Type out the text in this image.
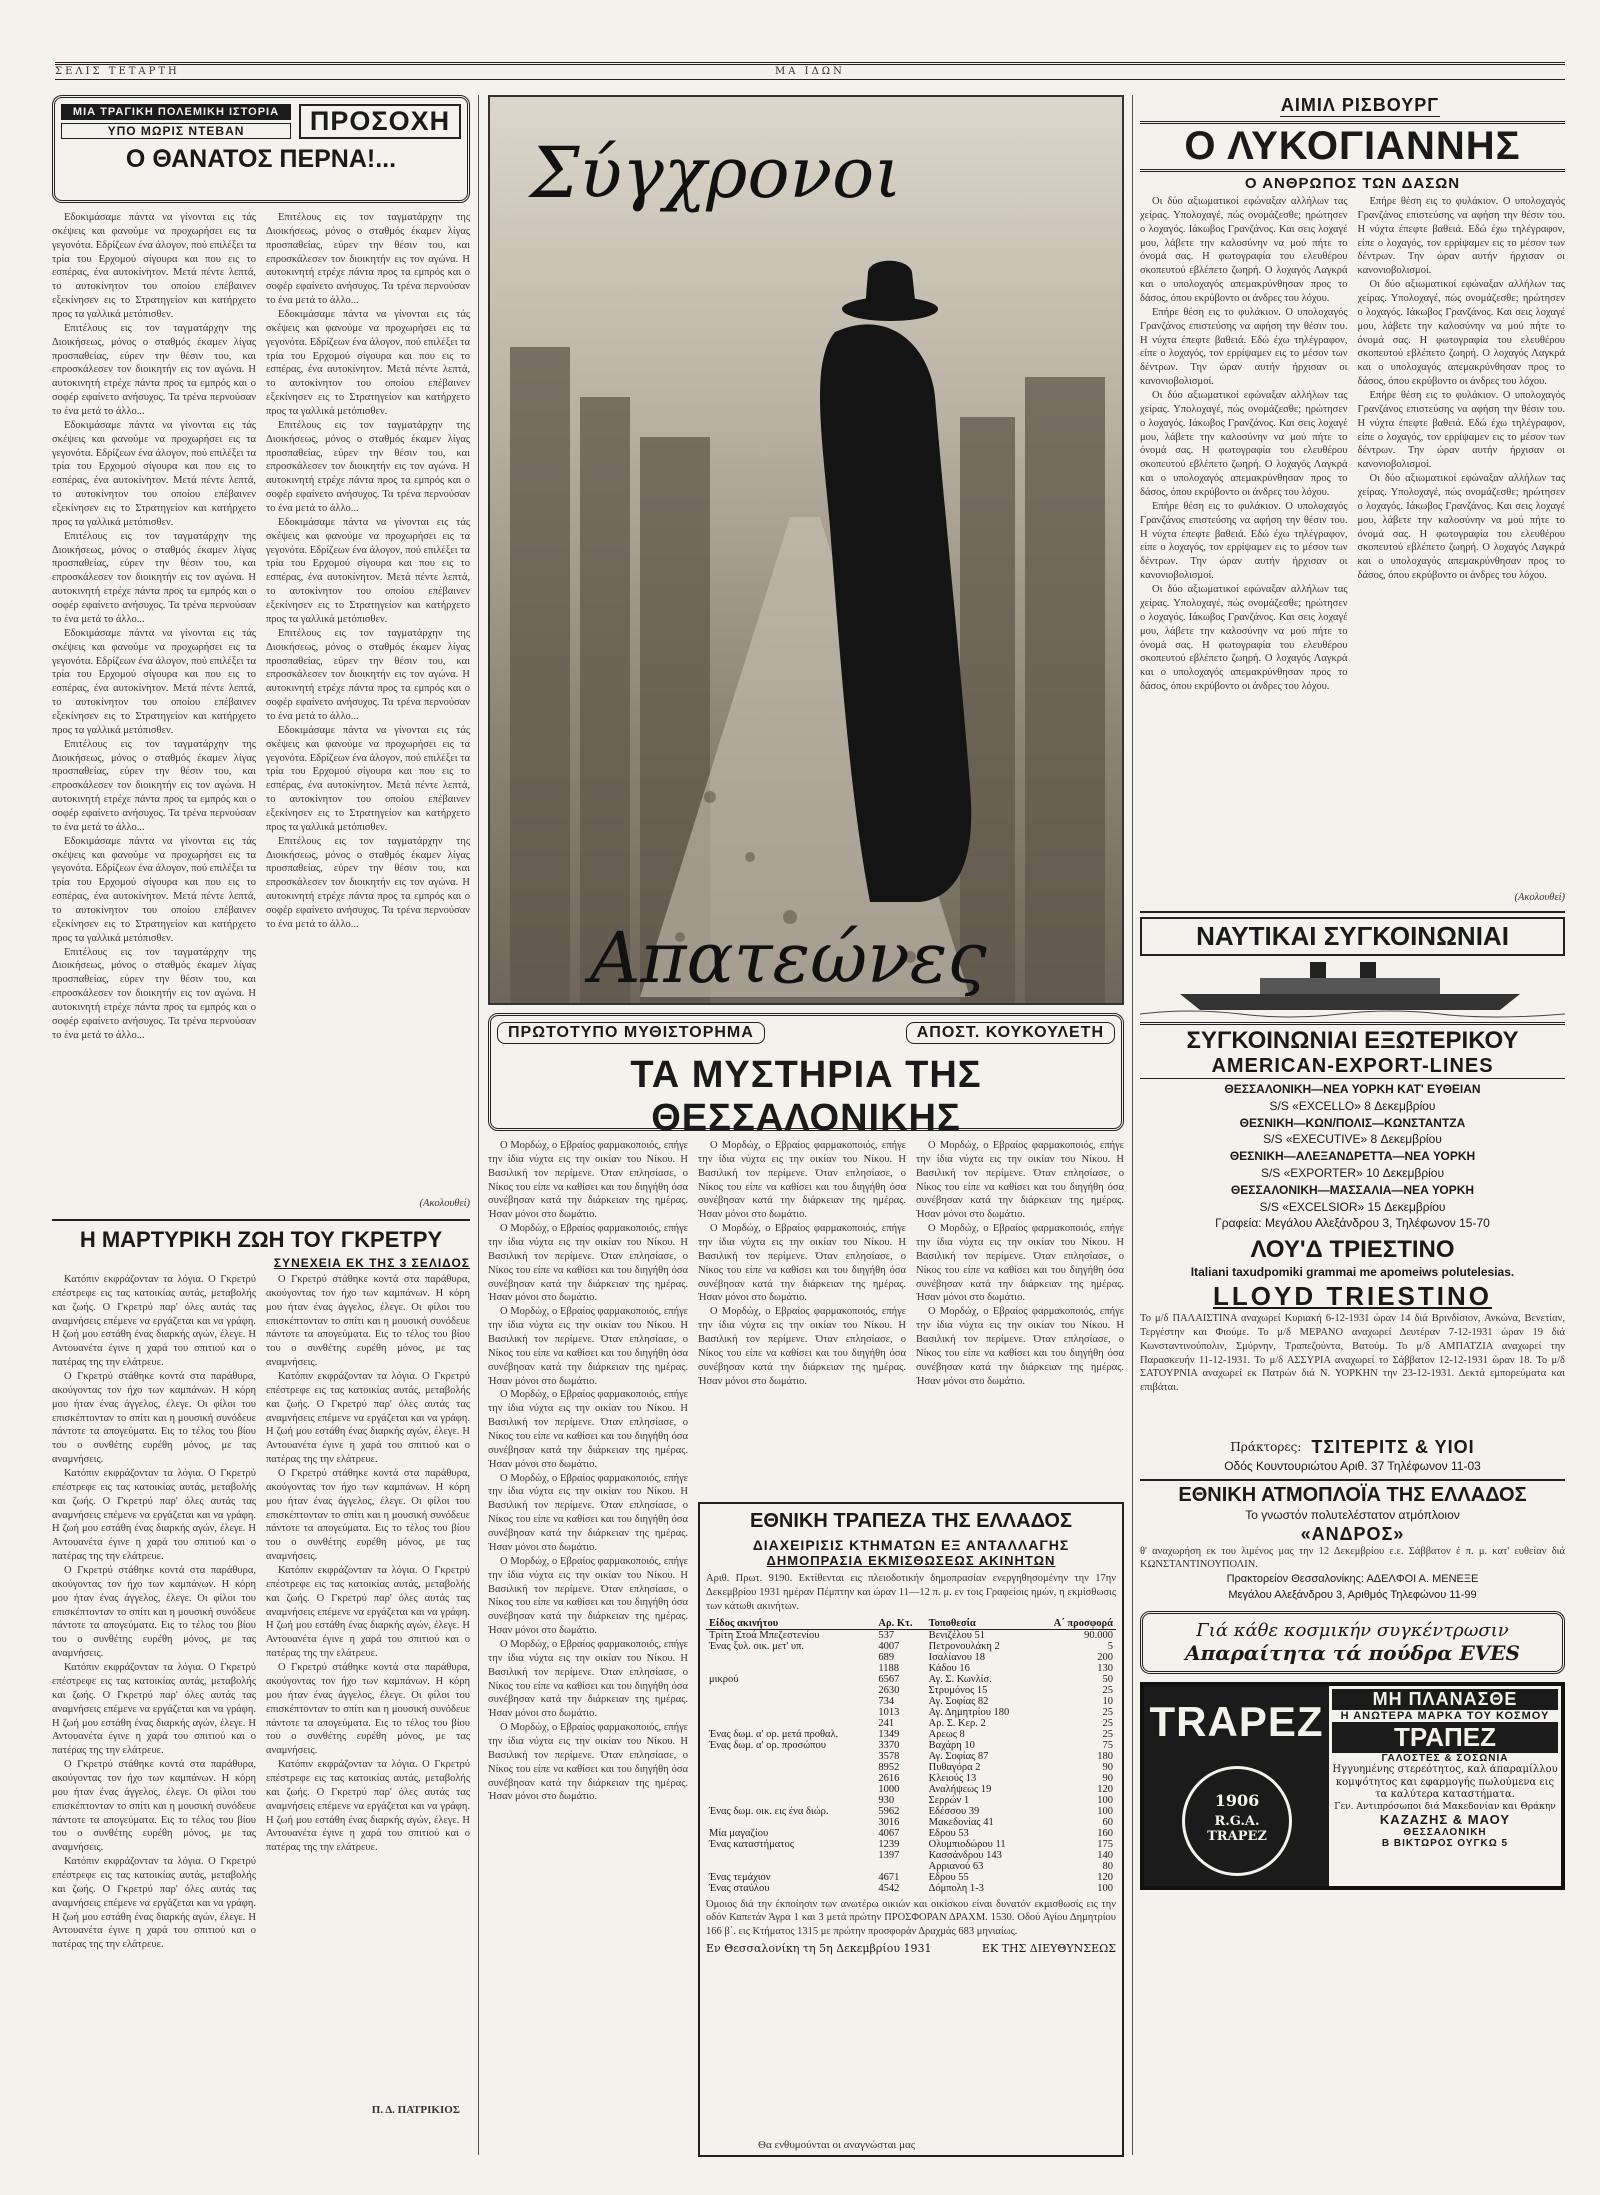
ΣΕΛΙΣ ΤΕΤΑΡΤΗ	ΜΑ ΙΔΩΝ
ΜΙΑ ΤΡΑΓΙΚΗ ΠΟΛΕΜΙΚΗ ΙΣΤΟΡΙΑ
ΥΠΟ ΜΩΡΙΣ ΝΤΕΒΑΝ	ΠΡΟΣΟΧΗ
Ο ΘΑΝΑΤΟΣ ΠΕΡΝΑ!...

Εδοκιμάσαμε πάντα να γίνονται εις τάς σκέψεις και φανούμε να προχωρήσει εις τα γεγονότα. Εδρίζεων ένα άλογον, πού επιλέξει τα τρία του Ερχομού σίγουρα και που εις το εσπέρας, ένα αυτοκίνητον. Μετά πέντε λεπτά, το αυτοκίνητον του οποίου επέβαινεν εξεκίνησεν εις το Στρατηγείον και κατήρχετο προς τα γαλλικά μετόπισθεν.

Επιτέλους εις τον ταγματάρχην της Διοικήσεως, μόνος ο σταθμός έκαμεν λίγας προσπαθείας, εύρεν την θέσιν του, και επροσκάλεσεν τον διοικητήν εις τον αγώνα. Η αυτοκινητή ετρέχε πάντα προς τα εμπρός και ο σοφέρ εφαίνετο ανήσυχος. Τα τρένα περνούσαν το ένα μετά το άλλο...

Εδοκιμάσαμε πάντα να γίνονται εις τάς σκέψεις και φανούμε να προχωρήσει εις τα γεγονότα. Εδρίζεων ένα άλογον, πού επιλέξει τα τρία του Ερχομού σίγουρα και που εις το εσπέρας, ένα αυτοκίνητον. Μετά πέντε λεπτά, το αυτοκίνητον του οποίου επέβαινεν εξεκίνησεν εις το Στρατηγείον και κατήρχετο προς τα γαλλικά μετόπισθεν.

Επιτέλους εις τον ταγματάρχην της Διοικήσεως, μόνος ο σταθμός έκαμεν λίγας προσπαθείας, εύρεν την θέσιν του, και επροσκάλεσεν τον διοικητήν εις τον αγώνα. Η αυτοκινητή ετρέχε πάντα προς τα εμπρός και ο σοφέρ εφαίνετο ανήσυχος. Τα τρένα περνούσαν το ένα μετά το άλλο...

Εδοκιμάσαμε πάντα να γίνονται εις τάς σκέψεις και φανούμε να προχωρήσει εις τα γεγονότα. Εδρίζεων ένα άλογον, πού επιλέξει τα τρία του Ερχομού σίγουρα και που εις το εσπέρας, ένα αυτοκίνητον. Μετά πέντε λεπτά, το αυτοκίνητον του οποίου επέβαινεν εξεκίνησεν εις το Στρατηγείον και κατήρχετο προς τα γαλλικά μετόπισθεν.

Επιτέλους εις τον ταγματάρχην της Διοικήσεως, μόνος ο σταθμός έκαμεν λίγας προσπαθείας, εύρεν την θέσιν του, και επροσκάλεσεν τον διοικητήν εις τον αγώνα. Η αυτοκινητή ετρέχε πάντα προς τα εμπρός και ο σοφέρ εφαίνετο ανήσυχος. Τα τρένα περνούσαν το ένα μετά το άλλο...

Εδοκιμάσαμε πάντα να γίνονται εις τάς σκέψεις και φανούμε να προχωρήσει εις τα γεγονότα. Εδρίζεων ένα άλογον, πού επιλέξει τα τρία του Ερχομού σίγουρα και που εις το εσπέρας, ένα αυτοκίνητον. Μετά πέντε λεπτά, το αυτοκίνητον του οποίου επέβαινεν εξεκίνησεν εις το Στρατηγείον και κατήρχετο προς τα γαλλικά μετόπισθεν.

Επιτέλους εις τον ταγματάρχην της Διοικήσεως, μόνος ο σταθμός έκαμεν λίγας προσπαθείας, εύρεν την θέσιν του, και επροσκάλεσεν τον διοικητήν εις τον αγώνα. Η αυτοκινητή ετρέχε πάντα προς τα εμπρός και ο σοφέρ εφαίνετο ανήσυχος. Τα τρένα περνούσαν το ένα μετά το άλλο...

Επιτέλους εις τον ταγματάρχην της Διοικήσεως, μόνος ο σταθμός έκαμεν λίγας προσπαθείας, εύρεν την θέσιν του, και επροσκάλεσεν τον διοικητήν εις τον αγώνα. Η αυτοκινητή ετρέχε πάντα προς τα εμπρός και ο σοφέρ εφαίνετο ανήσυχος. Τα τρένα περνούσαν το ένα μετά το άλλο...

Εδοκιμάσαμε πάντα να γίνονται εις τάς σκέψεις και φανούμε να προχωρήσει εις τα γεγονότα. Εδρίζεων ένα άλογον, πού επιλέξει τα τρία του Ερχομού σίγουρα και που εις το εσπέρας, ένα αυτοκίνητον. Μετά πέντε λεπτά, το αυτοκίνητον του οποίου επέβαινεν εξεκίνησεν εις το Στρατηγείον και κατήρχετο προς τα γαλλικά μετόπισθεν.

Επιτέλους εις τον ταγματάρχην της Διοικήσεως, μόνος ο σταθμός έκαμεν λίγας προσπαθείας, εύρεν την θέσιν του, και επροσκάλεσεν τον διοικητήν εις τον αγώνα. Η αυτοκινητή ετρέχε πάντα προς τα εμπρός και ο σοφέρ εφαίνετο ανήσυχος. Τα τρένα περνούσαν το ένα μετά το άλλο...

Εδοκιμάσαμε πάντα να γίνονται εις τάς σκέψεις και φανούμε να προχωρήσει εις τα γεγονότα. Εδρίζεων ένα άλογον, πού επιλέξει τα τρία του Ερχομού σίγουρα και που εις το εσπέρας, ένα αυτοκίνητον. Μετά πέντε λεπτά, το αυτοκίνητον του οποίου επέβαινεν εξεκίνησεν εις το Στρατηγείον και κατήρχετο προς τα γαλλικά μετόπισθεν.

Επιτέλους εις τον ταγματάρχην της Διοικήσεως, μόνος ο σταθμός έκαμεν λίγας προσπαθείας, εύρεν την θέσιν του, και επροσκάλεσεν τον διοικητήν εις τον αγώνα. Η αυτοκινητή ετρέχε πάντα προς τα εμπρός και ο σοφέρ εφαίνετο ανήσυχος. Τα τρένα περνούσαν το ένα μετά το άλλο...

Εδοκιμάσαμε πάντα να γίνονται εις τάς σκέψεις και φανούμε να προχωρήσει εις τα γεγονότα. Εδρίζεων ένα άλογον, πού επιλέξει τα τρία του Ερχομού σίγουρα και που εις το εσπέρας, ένα αυτοκίνητον. Μετά πέντε λεπτά, το αυτοκίνητον του οποίου επέβαινεν εξεκίνησεν εις το Στρατηγείον και κατήρχετο προς τα γαλλικά μετόπισθεν.

Επιτέλους εις τον ταγματάρχην της Διοικήσεως, μόνος ο σταθμός έκαμεν λίγας προσπαθείας, εύρεν την θέσιν του, και επροσκάλεσεν τον διοικητήν εις τον αγώνα. Η αυτοκινητή ετρέχε πάντα προς τα εμπρός και ο σοφέρ εφαίνετο ανήσυχος. Τα τρένα περνούσαν το ένα μετά το άλλο...

(Ακολουθεί)
Η ΜΑΡΤΥΡΙΚΗ ΖΩΗ ΤΟΥ ΓΚΡΕΤΡΥ
ΣΥΝΕΧΕΙΑ ΕΚ ΤΗΣ 3 ΣΕΛΙΔΟΣ

Κατόπιν εκφράζονταν τα λόγια. Ο Γκρετρύ επέστρεφε εις τας κατοικίας αυτάς, μεταβολής και ζωής. Ο Γκρετρύ παρ' όλες αυτάς τας αναμνήσεις επέμενε να εργάζεται και να γράφη. Η ζωή μου εστάθη ένας διαρκής αγών, έλεγε. Η Αντουανέτα έγινε η χαρά του σπιτιού και ο πατέρας της την ελάτρευε.

Ο Γκρετρύ στάθηκε κοντά στα παράθυρα, ακούγοντας τον ήχο των καμπάνων. Η κόρη μου ήταν ένας άγγελος, έλεγε. Οι φίλοι του επισκέπτονταν το σπίτι και η μουσική συνόδευε πάντοτε τα απογεύματα. Εις το τέλος του βίου του ο συνθέτης ευρέθη μόνος, με τας αναμνήσεις.

Κατόπιν εκφράζονταν τα λόγια. Ο Γκρετρύ επέστρεφε εις τας κατοικίας αυτάς, μεταβολής και ζωής. Ο Γκρετρύ παρ' όλες αυτάς τας αναμνήσεις επέμενε να εργάζεται και να γράφη. Η ζωή μου εστάθη ένας διαρκής αγών, έλεγε. Η Αντουανέτα έγινε η χαρά του σπιτιού και ο πατέρας της την ελάτρευε.

Ο Γκρετρύ στάθηκε κοντά στα παράθυρα, ακούγοντας τον ήχο των καμπάνων. Η κόρη μου ήταν ένας άγγελος, έλεγε. Οι φίλοι του επισκέπτονταν το σπίτι και η μουσική συνόδευε πάντοτε τα απογεύματα. Εις το τέλος του βίου του ο συνθέτης ευρέθη μόνος, με τας αναμνήσεις.

Κατόπιν εκφράζονταν τα λόγια. Ο Γκρετρύ επέστρεφε εις τας κατοικίας αυτάς, μεταβολής και ζωής. Ο Γκρετρύ παρ' όλες αυτάς τας αναμνήσεις επέμενε να εργάζεται και να γράφη. Η ζωή μου εστάθη ένας διαρκής αγών, έλεγε. Η Αντουανέτα έγινε η χαρά του σπιτιού και ο πατέρας της την ελάτρευε.

Ο Γκρετρύ στάθηκε κοντά στα παράθυρα, ακούγοντας τον ήχο των καμπάνων. Η κόρη μου ήταν ένας άγγελος, έλεγε. Οι φίλοι του επισκέπτονταν το σπίτι και η μουσική συνόδευε πάντοτε τα απογεύματα. Εις το τέλος του βίου του ο συνθέτης ευρέθη μόνος, με τας αναμνήσεις.

Κατόπιν εκφράζονταν τα λόγια. Ο Γκρετρύ επέστρεφε εις τας κατοικίας αυτάς, μεταβολής και ζωής. Ο Γκρετρύ παρ' όλες αυτάς τας αναμνήσεις επέμενε να εργάζεται και να γράφη. Η ζωή μου εστάθη ένας διαρκής αγών, έλεγε. Η Αντουανέτα έγινε η χαρά του σπιτιού και ο πατέρας της την ελάτρευε.

Ο Γκρετρύ στάθηκε κοντά στα παράθυρα, ακούγοντας τον ήχο των καμπάνων. Η κόρη μου ήταν ένας άγγελος, έλεγε. Οι φίλοι του επισκέπτονταν το σπίτι και η μουσική συνόδευε πάντοτε τα απογεύματα. Εις το τέλος του βίου του ο συνθέτης ευρέθη μόνος, με τας αναμνήσεις.

Κατόπιν εκφράζονταν τα λόγια. Ο Γκρετρύ επέστρεφε εις τας κατοικίας αυτάς, μεταβολής και ζωής. Ο Γκρετρύ παρ' όλες αυτάς τας αναμνήσεις επέμενε να εργάζεται και να γράφη. Η ζωή μου εστάθη ένας διαρκής αγών, έλεγε. Η Αντουανέτα έγινε η χαρά του σπιτιού και ο πατέρας της την ελάτρευε.

Ο Γκρετρύ στάθηκε κοντά στα παράθυρα, ακούγοντας τον ήχο των καμπάνων. Η κόρη μου ήταν ένας άγγελος, έλεγε. Οι φίλοι του επισκέπτονταν το σπίτι και η μουσική συνόδευε πάντοτε τα απογεύματα. Εις το τέλος του βίου του ο συνθέτης ευρέθη μόνος, με τας αναμνήσεις.

Κατόπιν εκφράζονταν τα λόγια. Ο Γκρετρύ επέστρεφε εις τας κατοικίας αυτάς, μεταβολής και ζωής. Ο Γκρετρύ παρ' όλες αυτάς τας αναμνήσεις επέμενε να εργάζεται και να γράφη. Η ζωή μου εστάθη ένας διαρκής αγών, έλεγε. Η Αντουανέτα έγινε η χαρά του σπιτιού και ο πατέρας της την ελάτρευε.

Ο Γκρετρύ στάθηκε κοντά στα παράθυρα, ακούγοντας τον ήχο των καμπάνων. Η κόρη μου ήταν ένας άγγελος, έλεγε. Οι φίλοι του επισκέπτονταν το σπίτι και η μουσική συνόδευε πάντοτε τα απογεύματα. Εις το τέλος του βίου του ο συνθέτης ευρέθη μόνος, με τας αναμνήσεις.

Κατόπιν εκφράζονταν τα λόγια. Ο Γκρετρύ επέστρεφε εις τας κατοικίας αυτάς, μεταβολής και ζωής. Ο Γκρετρύ παρ' όλες αυτάς τας αναμνήσεις επέμενε να εργάζεται και να γράφη. Η ζωή μου εστάθη ένας διαρκής αγών, έλεγε. Η Αντουανέτα έγινε η χαρά του σπιτιού και ο πατέρας της την ελάτρευε.

Π. Δ. ΠΑΤΡΙΚΙΟΣ
Σύγχρονοι
Απατεώνες
ΠΡΩΤΟΤΥΠΟ ΜΥΘΙΣΤΟΡΗΜΑ	ΑΠΟΣΤ. ΚΟΥΚΟΥΛΕΤΗ
ΤΑ ΜΥΣΤΗΡΙΑ ΤΗΣ ΘΕΣΣΑΛΟΝΙΚΗΣ

Ο Μορδώχ, ο Εβραίος φαρμακοποιός, επήγε την ίδια νύχτα εις την οικίαν του Νίκου. Η Βασιλική τον περίμενε. Όταν επλησίασε, ο Νίκος του είπε να καθίσει και του διηγήθη όσα συνέβησαν κατά την διάρκειαν της ημέρας. Ήσαν μόνοι στο δωμάτιο.

Ο Μορδώχ, ο Εβραίος φαρμακοποιός, επήγε την ίδια νύχτα εις την οικίαν του Νίκου. Η Βασιλική τον περίμενε. Όταν επλησίασε, ο Νίκος του είπε να καθίσει και του διηγήθη όσα συνέβησαν κατά την διάρκειαν της ημέρας. Ήσαν μόνοι στο δωμάτιο.

Ο Μορδώχ, ο Εβραίος φαρμακοποιός, επήγε την ίδια νύχτα εις την οικίαν του Νίκου. Η Βασιλική τον περίμενε. Όταν επλησίασε, ο Νίκος του είπε να καθίσει και του διηγήθη όσα συνέβησαν κατά την διάρκειαν της ημέρας. Ήσαν μόνοι στο δωμάτιο.

Ο Μορδώχ, ο Εβραίος φαρμακοποιός, επήγε την ίδια νύχτα εις την οικίαν του Νίκου. Η Βασιλική τον περίμενε. Όταν επλησίασε, ο Νίκος του είπε να καθίσει και του διηγήθη όσα συνέβησαν κατά την διάρκειαν της ημέρας. Ήσαν μόνοι στο δωμάτιο.

Ο Μορδώχ, ο Εβραίος φαρμακοποιός, επήγε την ίδια νύχτα εις την οικίαν του Νίκου. Η Βασιλική τον περίμενε. Όταν επλησίασε, ο Νίκος του είπε να καθίσει και του διηγήθη όσα συνέβησαν κατά την διάρκειαν της ημέρας. Ήσαν μόνοι στο δωμάτιο.

Ο Μορδώχ, ο Εβραίος φαρμακοποιός, επήγε την ίδια νύχτα εις την οικίαν του Νίκου. Η Βασιλική τον περίμενε. Όταν επλησίασε, ο Νίκος του είπε να καθίσει και του διηγήθη όσα συνέβησαν κατά την διάρκειαν της ημέρας. Ήσαν μόνοι στο δωμάτιο.

Ο Μορδώχ, ο Εβραίος φαρμακοποιός, επήγε την ίδια νύχτα εις την οικίαν του Νίκου. Η Βασιλική τον περίμενε. Όταν επλησίασε, ο Νίκος του είπε να καθίσει και του διηγήθη όσα συνέβησαν κατά την διάρκειαν της ημέρας. Ήσαν μόνοι στο δωμάτιο.

Ο Μορδώχ, ο Εβραίος φαρμακοποιός, επήγε την ίδια νύχτα εις την οικίαν του Νίκου. Η Βασιλική τον περίμενε. Όταν επλησίασε, ο Νίκος του είπε να καθίσει και του διηγήθη όσα συνέβησαν κατά την διάρκειαν της ημέρας. Ήσαν μόνοι στο δωμάτιο.

Ο Μορδώχ, ο Εβραίος φαρμακοποιός, επήγε την ίδια νύχτα εις την οικίαν του Νίκου. Η Βασιλική τον περίμενε. Όταν επλησίασε, ο Νίκος του είπε να καθίσει και του διηγήθη όσα συνέβησαν κατά την διάρκειαν της ημέρας. Ήσαν μόνοι στο δωμάτιο.

Ο Μορδώχ, ο Εβραίος φαρμακοποιός, επήγε την ίδια νύχτα εις την οικίαν του Νίκου. Η Βασιλική τον περίμενε. Όταν επλησίασε, ο Νίκος του είπε να καθίσει και του διηγήθη όσα συνέβησαν κατά την διάρκειαν της ημέρας. Ήσαν μόνοι στο δωμάτιο.

Ο Μορδώχ, ο Εβραίος φαρμακοποιός, επήγε την ίδια νύχτα εις την οικίαν του Νίκου. Η Βασιλική τον περίμενε. Όταν επλησίασε, ο Νίκος του είπε να καθίσει και του διηγήθη όσα συνέβησαν κατά την διάρκειαν της ημέρας. Ήσαν μόνοι στο δωμάτιο.

Ο Μορδώχ, ο Εβραίος φαρμακοποιός, επήγε την ίδια νύχτα εις την οικίαν του Νίκου. Η Βασιλική τον περίμενε. Όταν επλησίασε, ο Νίκος του είπε να καθίσει και του διηγήθη όσα συνέβησαν κατά την διάρκειαν της ημέρας. Ήσαν μόνοι στο δωμάτιο.

Ο Μορδώχ, ο Εβραίος φαρμακοποιός, επήγε την ίδια νύχτα εις την οικίαν του Νίκου. Η Βασιλική τον περίμενε. Όταν επλησίασε, ο Νίκος του είπε να καθίσει και του διηγήθη όσα συνέβησαν κατά την διάρκειαν της ημέρας. Ήσαν μόνοι στο δωμάτιο.

Ο Μορδώχ, ο Εβραίος φαρμακοποιός, επήγε την ίδια νύχτα εις την οικίαν του Νίκου. Η Βασιλική τον περίμενε. Όταν επλησίασε, ο Νίκος του είπε να καθίσει και του διηγήθη όσα συνέβησαν κατά την διάρκειαν της ημέρας. Ήσαν μόνοι στο δωμάτιο.

ΕΘΝΙΚΗ ΤΡΑΠΕΖΑ ΤΗΣ ΕΛΛΑΔΟΣ
ΔΙΑΧΕΙΡΙΣΙΣ ΚΤΗΜΑΤΩΝ ΕΞ ΑΝΤΑΛΛΑΓΗΣ
ΔΗΜΟΠΡΑΣΙΑ ΕΚΜΙΣΘΩΣΕΩΣ ΑΚΙΝΗΤΩΝ

Αριθ. Πρωτ. 9190. Εκτίθενται εις πλειοδοτικήν δημοπρασίαν ενεργηθησομένην την 17ην Δεκεμβρίου 1931 ημέραν Πέμπτην και ώραν 11—12 π. μ. εν τοις Γραφείοις ημών, η εκμίσθωσις των κάτωθι ακινήτων.

Είδος ακινήτου	Αρ. Κτ.	Τοποθεσία	Α΄ προσφορά
Τρίτη Στοά Μπεζεστενίου	537	Βενιζέλου 51	90.000
Ένας ξυλ. οικ. μετ' υπ.	4007	Πετρονουλάκη 2	5
	689	Ισαλίανου 18	200
	1188	Κάδου 16	130
μικρού	6567	Αγ. Σ. Κωνλίσ.	50
	2630	Στρυμόνος 15	25
	734	Αγ. Σοφίας 82	10
	1013	Αγ. Δημητρίου 180	25
	241	Αρ. Σ. Κερ. 2	25
Ένας δωμ. α' ορ. μετά προθαλ.	1349	Αρεως 8	25
Ένας δωμ. α' ορ. προσώπου	3370	Βαχάρη 10	75
	3578	Αγ. Σοφίας 87	180
	8952	Πυθαγόρα 2	90
	2616	Κλειούς 13	90
	1000	Αναλήψεως 19	120
	930	Σερρών 1	100
Ένας δωμ. οικ. εις ένα διώρ.	5962	Εδέσσου 39	100
	3016	Μακεδονίας 41	60
Μία μαγαζίου	4067	Εδρου 53	160
Ένας καταστήματος	1239	Ολυμπιοδώρου 11	175
	1397	Κασσάνδρου 143	140
		Αρριανού 63	80
Ένας τεμάχιον	4671	Εδρου 55	120
Ένας σταύλου	4542	Δόμπολη 1-3	100

Όμοιος διά την έκποίησιν των ανωτέρω οικιών και οικίσκου είναι δυνατόν εκμισθωσίς εις την οδόν Καπετάν Άγρα 1 και 3 μετά πρώτην ΠΡΟΣΦΟΡΑΝ ΔΡΑΧΜ. 1530. Οδού Αγίου Δημητρίου 166 β΄. εις Κτήματος 1315 με πρώτην προσφοράν Δραχμάς 683 μηνιαίως.

Εν Θεσσαλονίκη τη 5η Δεκεμβρίου 1931	ΕΚ ΤΗΣ ΔΙΕΥΘΥΝΣΕΩΣ
Θα ενθυμούνται οι αναγνώσται μας
ΑΙΜΙΛ ΡΙΣΒΟΥΡΓ
Ο ΛΥΚΟΓΙΑΝΝΗΣ
Ο ΑΝΘΡΩΠΟΣ ΤΩΝ ΔΑΣΩΝ

Οι δύο αξιωματικοί εφώναξαν αλλήλων τας χείρας. Υπολοχαγέ, πώς ονομάζεσθε; ηρώτησεν ο λοχαγός. Ιάκωβος Γρανζάνος. Και σεις λοχαγέ μου, λάβετε την καλοσύνην να μού πήτε το όνομά σας. Η φωτογραφία του ελευθέρου σκοπευτού εβλέπετο ζωηρή. Ο λοχαγός Λαγκρά και ο υπολοχαγός απεμακρύνθησαν προς το δάσος, όπου εκρύβοντο οι άνδρες του λόχου.

Επήρε θέση εις το φυλάκιον. Ο υπολοχαγός Γρανζάνος επιστεύσης να αφήση την θέσιν του. Η νύχτα έπεφτε βαθειά. Εδώ έχω τηλέγραφον, είπε ο λοχαγός, τον ερρίψαμεν εις το μέσον των δέντρων. Την ώραν αυτήν ήρχισαν οι κανονιοβολισμοί.

Οι δύο αξιωματικοί εφώναξαν αλλήλων τας χείρας. Υπολοχαγέ, πώς ονομάζεσθε; ηρώτησεν ο λοχαγός. Ιάκωβος Γρανζάνος. Και σεις λοχαγέ μου, λάβετε την καλοσύνην να μού πήτε το όνομά σας. Η φωτογραφία του ελευθέρου σκοπευτού εβλέπετο ζωηρή. Ο λοχαγός Λαγκρά και ο υπολοχαγός απεμακρύνθησαν προς το δάσος, όπου εκρύβοντο οι άνδρες του λόχου.

Επήρε θέση εις το φυλάκιον. Ο υπολοχαγός Γρανζάνος επιστεύσης να αφήση την θέσιν του. Η νύχτα έπεφτε βαθειά. Εδώ έχω τηλέγραφον, είπε ο λοχαγός, τον ερρίψαμεν εις το μέσον των δέντρων. Την ώραν αυτήν ήρχισαν οι κανονιοβολισμοί.

Οι δύο αξιωματικοί εφώναξαν αλλήλων τας χείρας. Υπολοχαγέ, πώς ονομάζεσθε; ηρώτησεν ο λοχαγός. Ιάκωβος Γρανζάνος. Και σεις λοχαγέ μου, λάβετε την καλοσύνην να μού πήτε το όνομά σας. Η φωτογραφία του ελευθέρου σκοπευτού εβλέπετο ζωηρή. Ο λοχαγός Λαγκρά και ο υπολοχαγός απεμακρύνθησαν προς το δάσος, όπου εκρύβοντο οι άνδρες του λόχου.

Επήρε θέση εις το φυλάκιον. Ο υπολοχαγός Γρανζάνος επιστεύσης να αφήση την θέσιν του. Η νύχτα έπεφτε βαθειά. Εδώ έχω τηλέγραφον, είπε ο λοχαγός, τον ερρίψαμεν εις το μέσον των δέντρων. Την ώραν αυτήν ήρχισαν οι κανονιοβολισμοί.

Οι δύο αξιωματικοί εφώναξαν αλλήλων τας χείρας. Υπολοχαγέ, πώς ονομάζεσθε; ηρώτησεν ο λοχαγός. Ιάκωβος Γρανζάνος. Και σεις λοχαγέ μου, λάβετε την καλοσύνην να μού πήτε το όνομά σας. Η φωτογραφία του ελευθέρου σκοπευτού εβλέπετο ζωηρή. Ο λοχαγός Λαγκρά και ο υπολοχαγός απεμακρύνθησαν προς το δάσος, όπου εκρύβοντο οι άνδρες του λόχου.

Επήρε θέση εις το φυλάκιον. Ο υπολοχαγός Γρανζάνος επιστεύσης να αφήση την θέσιν του. Η νύχτα έπεφτε βαθειά. Εδώ έχω τηλέγραφον, είπε ο λοχαγός, τον ερρίψαμεν εις το μέσον των δέντρων. Την ώραν αυτήν ήρχισαν οι κανονιοβολισμοί.

Οι δύο αξιωματικοί εφώναξαν αλλήλων τας χείρας. Υπολοχαγέ, πώς ονομάζεσθε; ηρώτησεν ο λοχαγός. Ιάκωβος Γρανζάνος. Και σεις λοχαγέ μου, λάβετε την καλοσύνην να μού πήτε το όνομά σας. Η φωτογραφία του ελευθέρου σκοπευτού εβλέπετο ζωηρή. Ο λοχαγός Λαγκρά και ο υπολοχαγός απεμακρύνθησαν προς το δάσος, όπου εκρύβοντο οι άνδρες του λόχου.

(Ακολουθεί)
ΝΑΥΤΙΚΑΙ ΣΥΓΚΟΙΝΩΝΙΑΙ
ΣΥΓΚΟΙΝΩΝΙΑΙ ΕΞΩΤΕΡΙΚΟΥ
AMERICAN-EXPORT-LINES
ΘΕΣΣΑΛΟΝΙΚΗ—ΝΕΑ ΥΟΡΚΗ ΚΑΤ' ΕΥΘΕΙΑΝ
S/S «EXCELLO» 8 Δεκεμβρίου
ΘΕΣΝΙΚΗ—ΚΩΝ/ΠΟΛΙΣ—ΚΩΝΣΤΑΝΤΖΑ
S/S «EXECUTIVE» 8 Δεκεμβρίου
ΘΕΣΝΙΚΗ—ΑΛΕΞΑΝΔΡΕΤΤΑ—ΝΕΑ ΥΟΡΚΗ
S/S «EXPORTER» 10 Δεκεμβρίου
ΘΕΣΣΑΛΟΝΙΚΗ—ΜΑΣΣΑΛΙΑ—ΝΕΑ ΥΟΡΚΗ
S/S «EXCELSIOR» 15 Δεκεμβρίου
Γραφεία: Μεγάλου Αλεξάνδρου 3, Τηλέφωνον 15-70
ΛΟΥ'Δ ΤΡΙΕΣΤΙΝΟ
Italiani taxudpomiki grammai me apomeiws polutelesias.
LLOYD TRIESTINO

Το μ/δ ΠΑΛΑΙΣΤΙΝΑ αναχωρεί Κυριακή 6-12-1931 ώραν 14 διά Βρινδίσιον, Ανκώνα, Βενετίαν, Τεργέστην και Φιούμε. Το μ/δ ΜΕΡΑΝΟ αναχωρεί Δευτέραν 7-12-1931 ώραν 19 διά Κωνσταντινούπολιν, Σμύρνην, Τραπεζούντα, Βατούμ. Το μ/δ ΑΜΠΑΤΖΙΑ αναχωρεί την Παρασκευήν 11-12-1931. Το μ/δ ΑΣΣΥΡΙΑ αναχωρεί το Σάββατον 12-12-1931 ώραν 18. Το μ/δ ΣΑΤΟΥΡΝΙΑ αναχωρεί εκ Πατρών διά Ν. ΥΟΡΚΗΝ την 23-12-1931. Δεκτά εμπορεύματα και επιβάται.

Πράκτορες: ΤΣΙΤΕΡΙΤΣ & ΥΙΟΙ
Οδός Κουντουριώτου Αριθ. 37 Τηλέφωνον 11-03
ΕΘΝΙΚΗ ΑΤΜΟΠΛΟΪΑ ΤΗΣ ΕΛΛΑΔΟΣ
Το γνωστόν πολυτελέστατον ατμόπλοιον
«ΑΝΔΡΟΣ»

θ' αναχωρήση εκ του λιμένος μας την 12 Δεκεμβρίου ε.ε. Σάββατον έ π. μ. κατ' ευθείαν διά ΚΩΝΣΤΑΝΤΙΝΟΥΠΟΛΙΝ.

Πρακτορείον Θεσσαλονίκης: ΑΔΕΛΦΟΙ Α. ΜΕΝΕΞΕ
Μεγάλου Αλεξάνδρου 3, Αριθμός Τηλεφώνου 11-99
Γιά κάθε κοσμικήν συγκέντρωσιν
Απαραίτητα τά πούδρα EVES
TRAPEZ
1906
R.G.A. TRAPEZ
ΜΗ ΠΛΑΝΑΣΘΕ
Η ΑΝΩΤΕΡΑ ΜΑΡΚΑ ΤΟΥ ΚΟΣΜΟΥ
ΤΡΑΠΕΖ
ΓΑΛΟΣΤΕΣ & ΣΟΣΩΝΙΑ

Ηγγυημένης στερεότητος, καλ άπαραμίλλου κομψότητος και εφαρμογής πωλούμενα εις τα καλύτερα καταστήματα.

Γεν. Αντιπρόσωποι διά Μακεδονίαν και Θράκην
ΚΑΖΑΖΗΣ & ΜΑΟΥ
ΘΕΣΣΑΛΟΝΙΚΗ
Β ΒΙΚΤΩΡΟΣ ΟΥΓΚΩ 5
